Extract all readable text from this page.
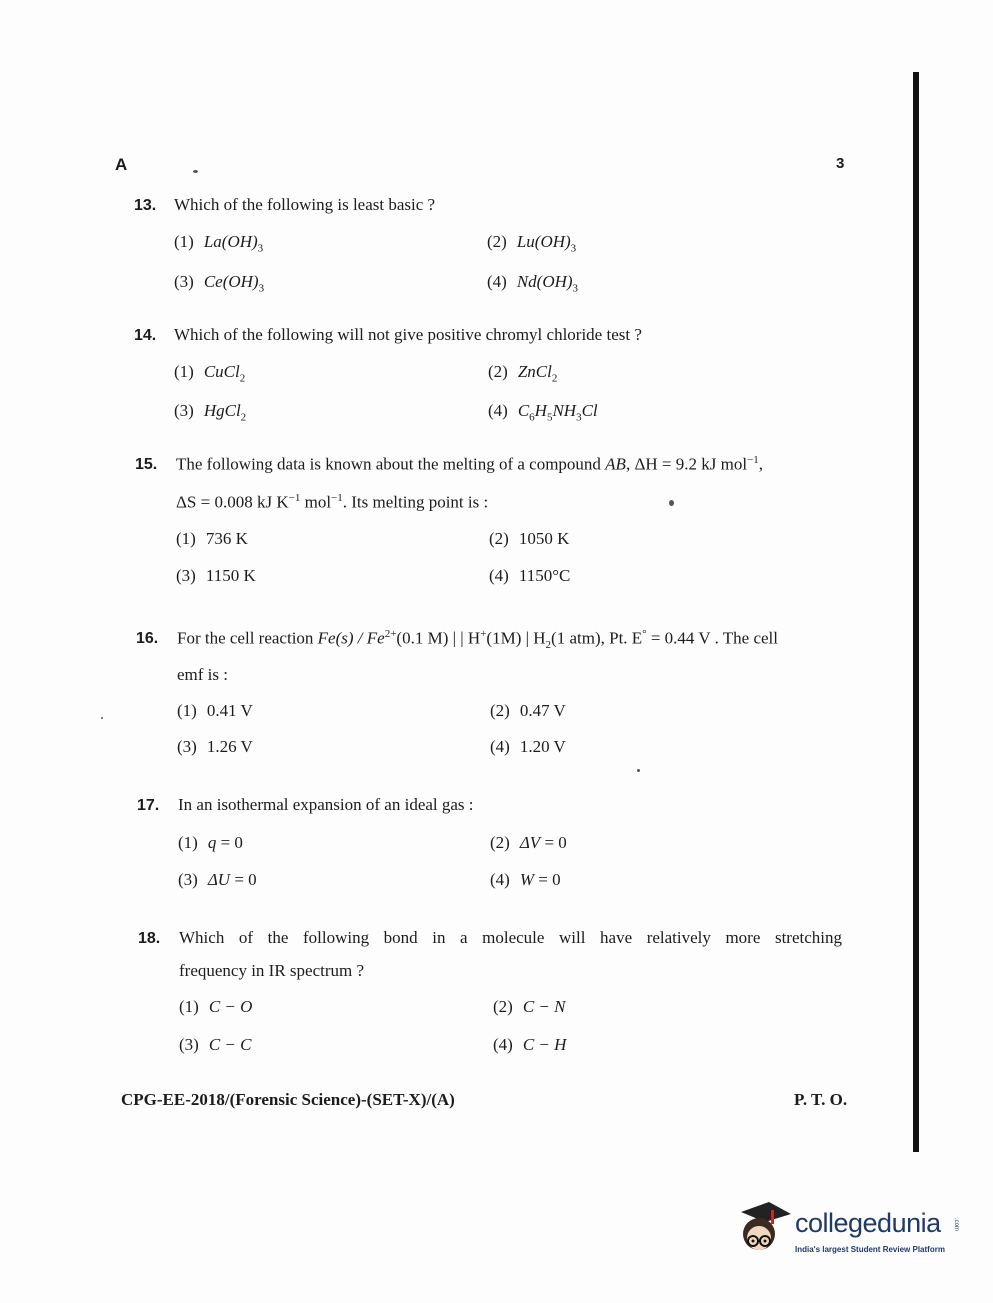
A	3
13. Which of the following is least basic ?
(1) $La(OH)_3$	(2) $Lu(OH)_3$
(3) $Ce(OH)_3$	(4) $Nd(OH)_3$
14. Which of the following will not give positive chromyl chloride test ?
(1) CuCl$_2$	(2) ZnCl$_2$
(3) HgCl$_2$	(4) $C_6H_5NH_3Cl$
15. The following data is known about the melting of a compound AB, ΔH = 9.2 kJ mol$^{-1}$,
ΔS = 0.008 kJ $K^{-1}$ mol$^{-1}$. Its melting point is :
(1) 736 K	(2) 1050 K
(3) 1150 K	(4) 1150°C
16. For the cell reaction $Fe(s) / Fe^{2+}(0.1$ M) | | H+(1M) | $H_2(1$ atm), Pt. E° = 0.44 V . The cell
emf is :
(1) 0.41 V	(2) 0.47 V
(3) 1.26 V	(4) 1.20 V
17. In an isothermal expansion of an ideal gas :
(1) q = 0	(2) ΔV = 0
(3) ΔU = 0	(4) W = 0
18. Which of the following bond in a molecule will have relatively more stretching
frequency in IR spectrum ?
(1) C − O	(2) C − N
(3) C − C	(4) C − H
CPG-EE-2018/(Forensic Science)-(SET-X)/(A)	P. T. O.
collegedunia .com
India's largest Student Review Platform
